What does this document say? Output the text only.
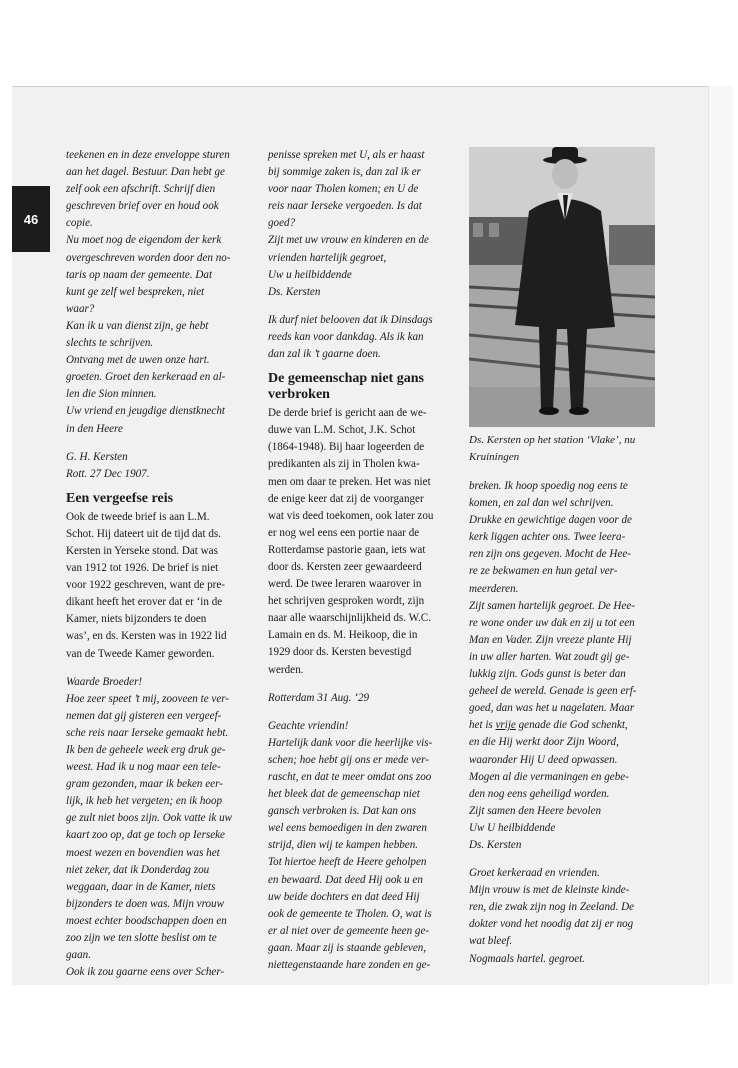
46
teekenen en in deze enveloppe sturen
aan het dagel. Bestuur. Dan hebt ge
zelf ook een afschrift. Schrijf dien
geschreven brief over en houd ook
copie.
Nu moet nog de eigendom der kerk
overgeschreven worden door den no-
taris op naam der gemeente. Dat
kunt ge zelf wel bespreken, niet
waar?
Kan ik u van dienst zijn, ge hebt
slechts te schrijven.
Ontvang met de uwen onze hart.
groeten. Groet den kerkeraad en al-
len die Sion minnen.
Uw vriend en jeugdige dienstknecht
in den Heere
G. H. Kersten
Rott. 27 Dec 1907.
Een vergeefse reis
Ook de tweede brief is aan L.M.
Schot. Hij dateert uit de tijd dat ds.
Kersten in Yerseke stond. Dat was
van 1912 tot 1926. De brief is niet
voor 1922 geschreven, want de pre-
dikant heeft het erover dat er ‘in de
Kamer, niets bijzonders te doen
was’, en ds. Kersten was in 1922 lid
van de Tweede Kamer geworden.
Waarde Broeder!
Hoe zeer speet ’t mij, zooveen te ver-
nemen dat gij gisteren een vergeef-
sche reis naar Ierseke gemaakt hebt.
Ik ben de geheele week erg druk ge-
weest. Had ik u nog maar een tele-
gram gezonden, maar ik beken eer-
lijk, ik heb het vergeten; en ik hoop
ge zult niet boos zijn. Ook vatte ik uw
kaart zoo op, dat ge toch op Ierseke
moest wezen en bovendien was het
niet zeker, dat ik Donderdag zou
weggaan, daar in de Kamer, niets
bijzonders te doen was. Mijn vrouw
moest echter boodschappen doen en
zoo zijn we ten slotte beslist om te
gaan.
Ook ik zou gaarne eens over Scher-
penisse spreken met U, als er haast
bij sommige zaken is, dan zal ik er
voor naar Tholen komen; en U de
reis naar Ierseke vergoeden. Is dat
goed?
Zijt met uw vrouw en kinderen en de
vrienden hartelijk gegroet,
Uw u heilbiddende
Ds. Kersten
Ik durf niet belooven dat ik Dinsdags
reeds kan voor dankdag. Als ik kan
dan zal ik ’t gaarne doen.
De gemeenschap niet gans
verbroken
De derde brief is gericht aan de we-
duwe van L.M. Schot, J.K. Schot
(1864-1948). Bij haar logeerden de
predikanten als zij in Tholen kwa-
men om daar te preken. Het was niet
de enige keer dat zij de voorganger
wat vis deed toekomen, ook later zou
er nog wel eens een portie naar de
Rotterdamse pastorie gaan, iets wat
door ds. Kersten zeer gewaardeerd
werd. De twee leraren waarover in
het schrijven gesproken wordt, zijn
naar alle waarschijnlijkheid ds. W.C.
Lamain en ds. M. Heikoop, die in
1929 door ds. Kersten bevestigd
werden.
Rotterdam 31 Aug. ‘29
Geachte vriendin!
Hartelijk dank voor die heerlijke vis-
schen; hoe hebt gij ons er mede ver-
rascht, en dat te meer omdat ons zoo
het bleek dat de gemeenschap niet
gansch verbroken is. Dat kan ons
wel eens bemoedigen in den zwaren
strijd, dien wij te kampen hebben.
Tot hiertoe heeft de Heere geholpen
en bewaard. Dat deed Hij ook u en
uw beide dochters en dat deed Hij
ook de gemeente te Tholen. O, wat is
er al niet over de gemeente heen ge-
gaan. Maar zij is staande gebleven,
niettegenstaande hare zonden en ge-
Ds. Kersten op het station ‘Vlake’, nu
Kruiningen
breken. Ik hoop spoedig nog eens te
komen, en zal dan wel schrijven.
Drukke en gewichtige dagen voor de
kerk liggen achter ons. Twee leera-
ren zijn ons gegeven. Mocht de Hee-
re ze bekwamen en hun getal ver-
meerderen.
Zijt samen hartelijk gegroet. De Hee-
re wone onder uw dak en zij u tot een
Man en Vader. Zijn vreeze plante Hij
in uw aller harten. Wat zoudt gij ge-
lukkig zijn. Gods gunst is beter dan
geheel de wereld. Genade is geen erf-
goed, dan was het u nagelaten. Maar
het is vrije genade die God schenkt,
en die Hij werkt door Zijn Woord,
waaronder Hij U deed opwassen.
Mogen al die vermaningen en gebe-
den nog eens geheiligd worden.
Zijt samen den Heere bevolen
Uw U heilbiddende
Ds. Kersten
Groet kerkeraad en vrienden.
Mijn vrouw is met de kleinste kinde-
ren, die zwak zijn nog in Zeeland. De
dokter vond het noodig dat zij er nog
wat bleef.
Nogmaals hartel. gegroet.
